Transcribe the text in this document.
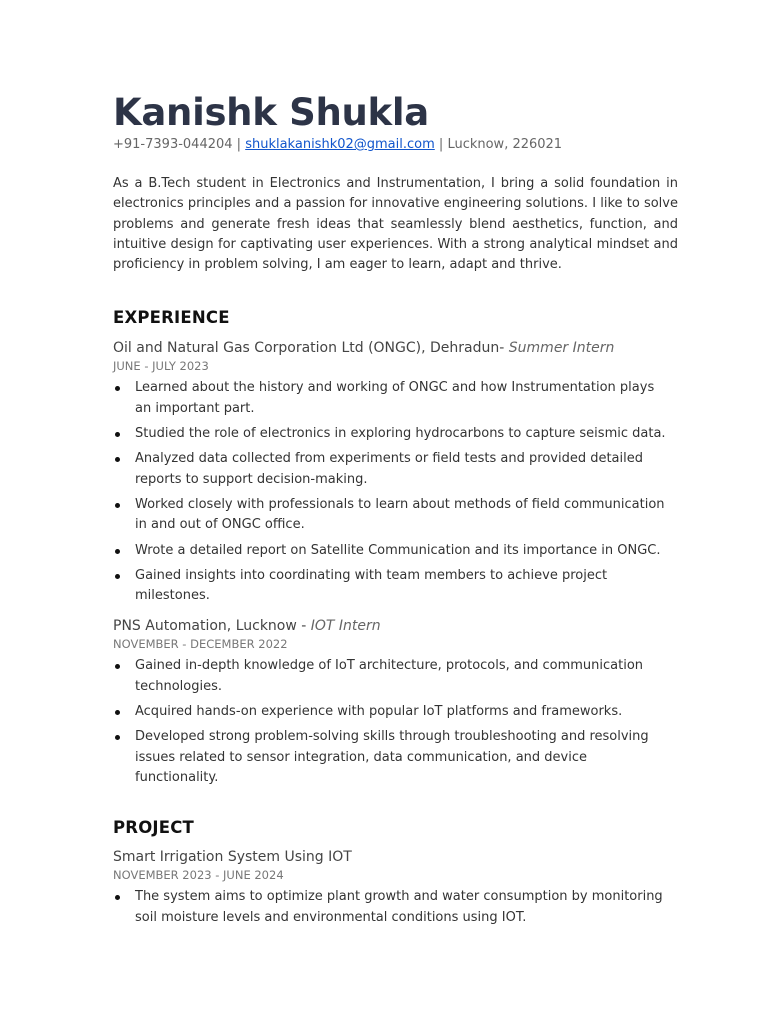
Kanishk Shukla
+91-7393-044204 | shuklakanishk02@gmail.com | Lucknow, 226021

As a B.Tech student in Electronics and Instrumentation, I bring a solid foundation in electronics principles and a passion for innovative engineering solutions. I like to solve problems and generate fresh ideas that seamlessly blend aesthetics, function, and intuitive design for captivating user experiences. With a strong analytical mindset and proficiency in problem solving, I am eager to learn, adapt and thrive.

EXPERIENCE
Oil and Natural Gas Corporation Ltd (ONGC), Dehradun- Summer Intern
JUNE - JULY 2023
Learned about the history and working of ONGC and how Instrumentation plays an important part.
Studied the role of electronics in exploring hydrocarbons to capture seismic data.
Analyzed data collected from experiments or field tests and provided detailed reports to support decision-making.
Worked closely with professionals to learn about methods of field communication in and out of ONGC office.
Wrote a detailed report on Satellite Communication and its importance in ONGC.
Gained insights into coordinating with team members to achieve project milestones.
PNS Automation, Lucknow - IOT Intern
NOVEMBER - DECEMBER 2022
Gained in-depth knowledge of IoT architecture, protocols, and communication technologies.
Acquired hands-on experience with popular IoT platforms and frameworks.
Developed strong problem-solving skills through troubleshooting and resolving issues related to sensor integration, data communication, and device functionality.
PROJECT
Smart Irrigation System Using IOT
NOVEMBER 2023 - JUNE 2024
The system aims to optimize plant growth and water consumption by monitoring soil moisture levels and environmental conditions using IOT.
